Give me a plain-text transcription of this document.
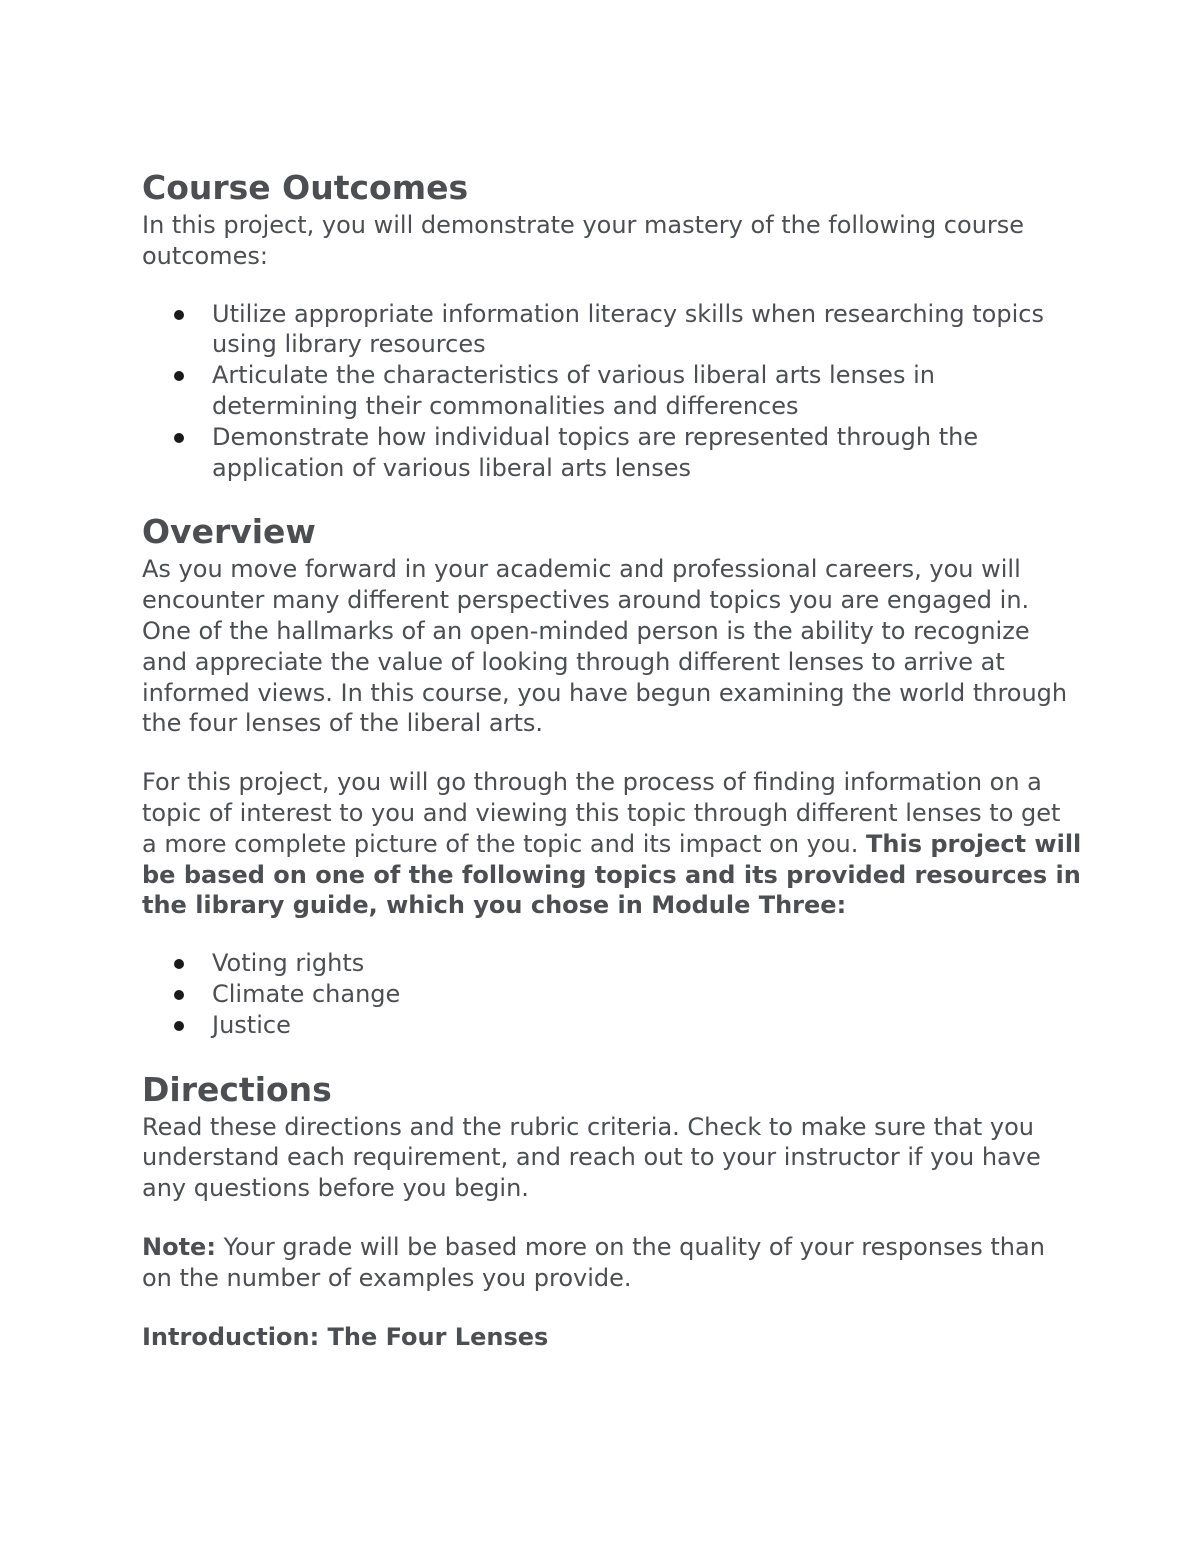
Course Outcomes

In this project, you will demonstrate your mastery of the following course outcomes:

Utilize appropriate information literacy skills when researching topics using library resources
Articulate the characteristics of various liberal arts lenses in determining their commonalities and differences
Demonstrate how individual topics are represented through the application of various liberal arts lenses
Overview

As you move forward in your academic and professional careers, you will encounter many different perspectives around topics you are engaged in. One of the hallmarks of an open-minded person is the ability to recognize and appreciate the value of looking through different lenses to arrive at informed views. In this course, you have begun examining the world through the four lenses of the liberal arts.

For this project, you will go through the process of finding information on a topic of interest to you and viewing this topic through different lenses to get a more complete picture of the topic and its impact on you. This project will be based on one of the following topics and its provided resources in the library guide, which you chose in Module Three:

Voting rights
Climate change
Justice
Directions

Read these directions and the rubric criteria. Check to make sure that you understand each requirement, and reach out to your instructor if you have any questions before you begin.

Note: Your grade will be based more on the quality of your responses than on the number of examples you provide.

Introduction: The Four Lenses
